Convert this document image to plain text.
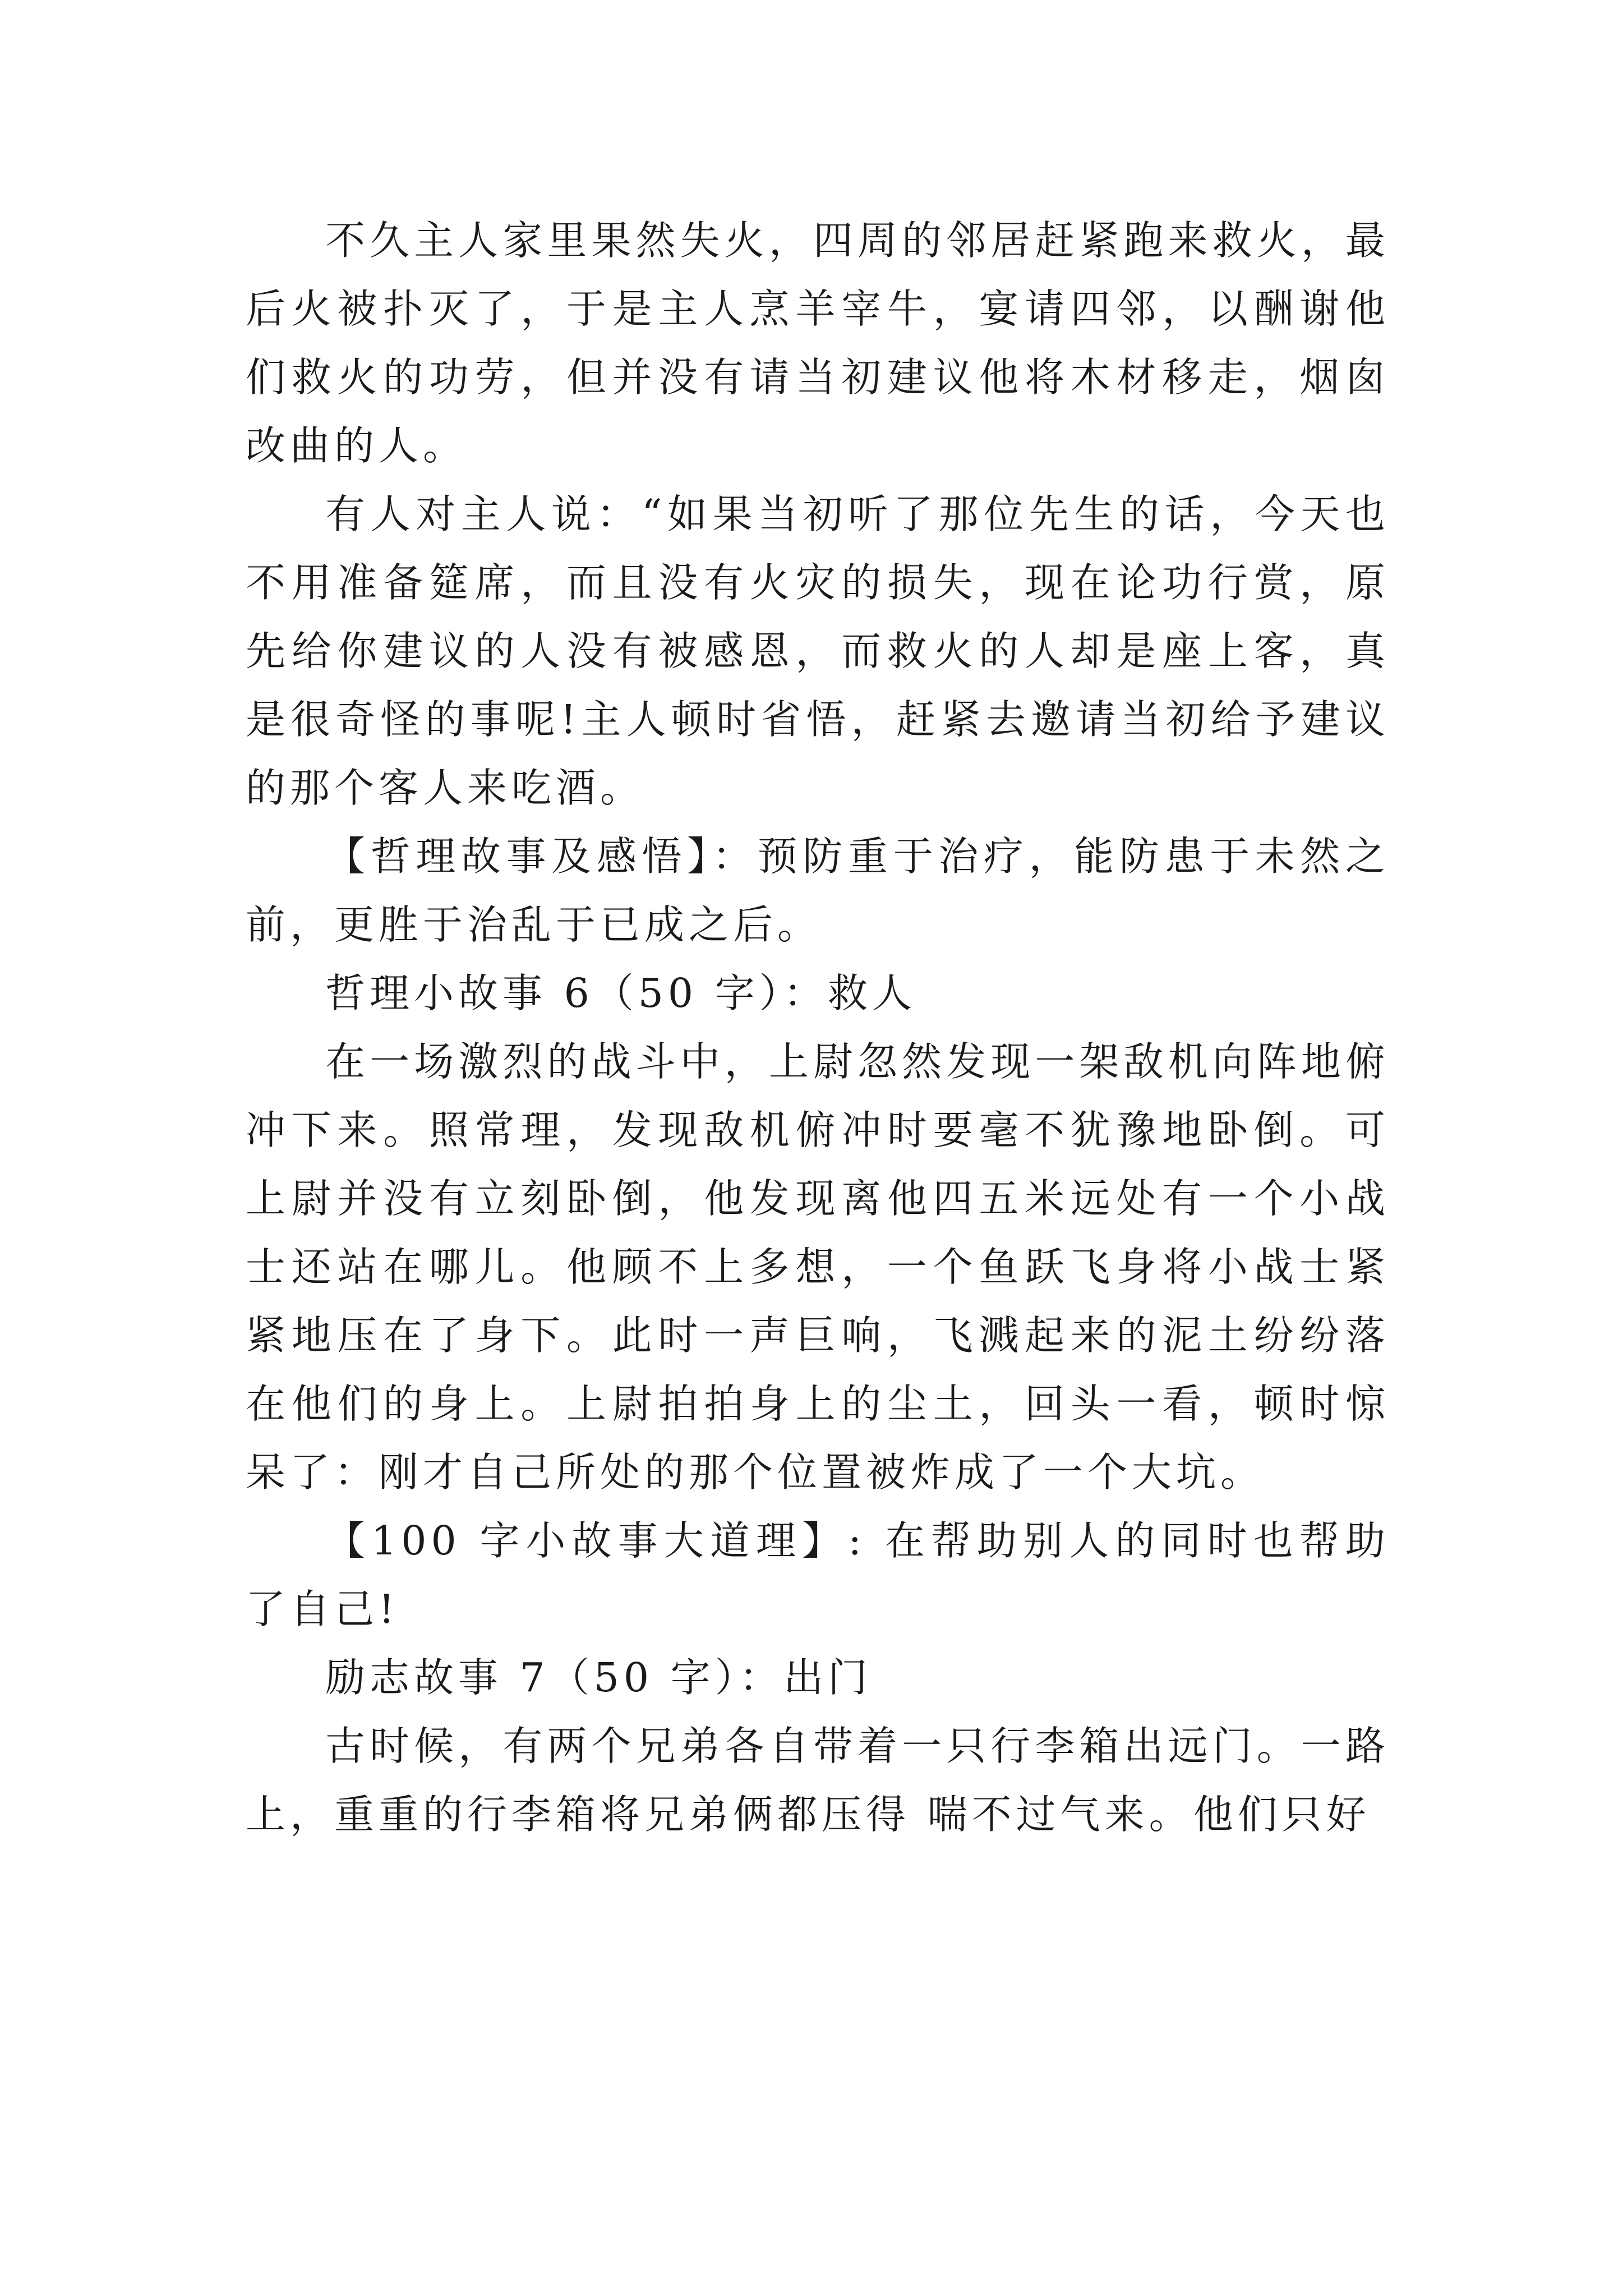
不久主人家里果然失火，四周的邻居赶紧跑来救火，最后火被扑灭了，于是主人烹羊宰牛，宴请四邻，以酬谢他们救火的功劳，但并没有请当初建议他将木材移走，烟囱改曲的人。

有人对主人说：“如果当初听了那位先生的话，今天也不用准备筵席，而且没有火灾的损失，现在论功行赏，原先给你建议的人没有被感恩，而救火的人却是座上客，真是很奇怪的事呢!主人顿时省悟，赶紧去邀请当初给予建议的那个客人来吃酒。

【哲理故事及感悟】：预防重于治疗，能防患于未然之前，更胜于治乱于已成之后。

哲理小故事 6（50 字）：救人

在一场激烈的战斗中，上尉忽然发现一架敌机向阵地俯冲下来。照常理，发现敌机俯冲时要毫不犹豫地卧倒。可上尉并没有立刻卧倒，他发现离他四五米远处有一个小战士还站在哪儿。他顾不上多想，一个鱼跃飞身将小战士紧紧地压在了身下。此时一声巨响，飞溅起来的泥土纷纷落在他们的身上。上尉拍拍身上的尘土，回头一看，顿时惊呆了：刚才自己所处的那个位置被炸成了一个大坑。

【100 字小故事大道理】: 在帮助别人的同时也帮助了自己!

励志故事 7（50 字）：出门

古时候，有两个兄弟各自带着一只行李箱出远门。一路上，重重的行李箱将兄弟俩都压得 喘不过气来。他们只好
